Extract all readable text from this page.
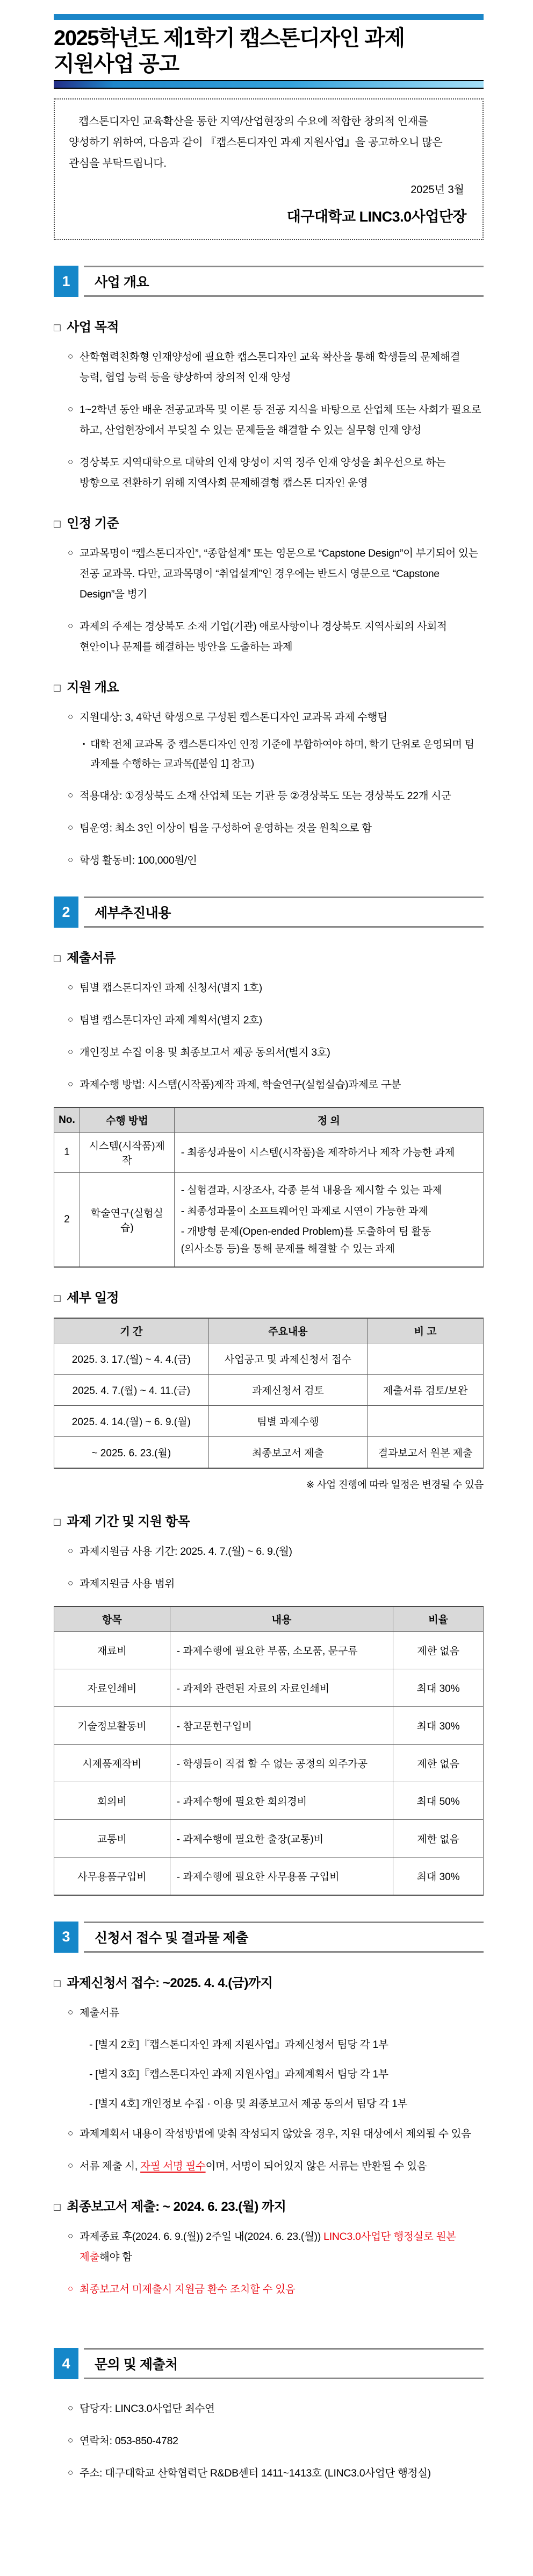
2025학년도 제1학기 캡스톤디자인 과제 지원사업 공고

캡스톤디자인 교육확산을 통한 지역/산업현장의 수요에 적합한 창의적 인재를 양성하기 위하여, 다음과 같이 『캡스톤디자인 과제 지원사업』을 공고하오니 많은 관심을 부탁드립니다.

2025년 3월
대구대학교 LINC3.0사업단장
1	사업 개요
□ 사업 목적
○ 산학협력친화형 인재양성에 필요한 캡스톤디자인 교육 확산을 통해 학생들의 문제해결 능력, 협업 능력 등을 향상하여 창의적 인재 양성
○ 1~2학년 동안 배운 전공교과목 및 이론 등 전공 지식을 바탕으로 산업체 또는 사회가 필요로 하고, 산업현장에서 부딪칠 수 있는 문제들을 해결할 수 있는 실무형 인재 양성
○ 경상북도 지역대학으로 대학의 인재 양성이 지역 정주 인재 양성을 최우선으로 하는 방향으로 전환하기 위해 지역사회 문제해결형 캡스톤 디자인 운영
□ 인정 기준
○ 교과목명이 “캡스톤디자인”, “종합설계” 또는 영문으로 “Capstone Design”이 부기되어 있는 전공 교과목. 다만, 교과목명이 “취업설계”인 경우에는 반드시 영문으로 “Capstone Design”을 병기
○ 과제의 주제는 경상북도 소재 기업(기관) 애로사항이나 경상북도 지역사회의 사회적 현안이나 문제를 해결하는 방안을 도출하는 과제
□ 지원 개요
○ 지원대상: 3, 4학년 학생으로 구성된 캡스톤디자인 교과목 과제 수행팀
▪ 대학 전체 교과목 중 캡스톤디자인 인정 기준에 부합하여야 하며, 학기 단위로 운영되며 팀 과제를 수행하는 교과목([붙임 1] 참고)
○ 적용대상: ①경상북도 소재 산업체 또는 기관 등 ②경상북도 또는 경상북도 22개 시군
○ 팀운영: 최소 3인 이상이 팀을 구성하여 운영하는 것을 원칙으로 함
○ 학생 활동비: 100,000원/인
2	세부추진내용
□ 제출서류
○ 팀별 캡스톤디자인 과제 신청서(별지 1호)
○ 팀별 캡스톤디자인 과제 계획서(별지 2호)
○ 개인정보 수집 이용 및 최종보고서 제공 동의서(별지 3호)
○ 과제수행 방법: 시스템(시작품)제작 과제, 학술연구(실험실습)과제로 구분
No.	수행 방법	정 의
1	시스템(시작품)제작	- 최종성과물이 시스템(시작품)을 제작하거나 제작 가능한 과제

2	학술연구(실험실습)	- 실험결과, 시장조사, 각종 분석 내용을 제시할 수 있는 과제
- 최종성과물이 소프트웨어인 과제로 시연이 가능한 과제
- 개방형 문제(Open-ended Problem)를 도출하여 팀 활동 (의사소통 등)을 통해 문제를 해결할 수 있는 과제
□ 세부 일정
기 간	주요내용	비 고
2025. 3. 17.(월) ~ 4. 4.(금)	사업공고 및 과제신청서 접수	
2025. 4. 7.(월) ~ 4. 11.(금)	과제신청서 검토	제출서류 검토/보완
2025. 4. 14.(월) ~ 6. 9.(월)	팀별 과제수행	
~ 2025. 6. 23.(월)	최종보고서 제출	결과보고서 원본 제출
※ 사업 진행에 따라 일정은 변경될 수 있음
□ 과제 기간 및 지원 항목
○ 과제지원금 사용 기간: 2025. 4. 7.(월) ~ 6. 9.(월)
○ 과제지원금 사용 범위
항목	내용	비율
재료비	- 과제수행에 필요한 부품, 소모품, 문구류	제한 없음
자료인쇄비	- 과제와 관련된 자료의 자료인쇄비	최대 30%
기술정보활동비	- 참고문헌구입비	최대 30%
시제품제작비	- 학생들이 직접 할 수 없는 공정의 외주가공	제한 없음
회의비	- 과제수행에 필요한 회의경비	최대 50%
교통비	- 과제수행에 필요한 출장(교통)비	제한 없음
사무용품구입비	- 과제수행에 필요한 사무용품 구입비	최대 30%
3	신청서 접수 및 결과물 제출
□ 과제신청서 접수: ~2025. 4. 4.(금)까지
○ 제출서류
- [별지 2호]『캡스톤디자인 과제 지원사업』과제신청서 팀당 각 1부
- [별지 3호]『캡스톤디자인 과제 지원사업』과제계획서 팀당 각 1부
- [별지 4호] 개인정보 수집 · 이용 및 최종보고서 제공 동의서 팀당 각 1부
○ 과제계획서 내용이 작성방법에 맞춰 작성되지 않았을 경우, 지원 대상에서 제외될 수 있음
○ 서류 제출 시, 자필 서명 필수이며, 서명이 되어있지 않은 서류는 반환될 수 있음
□ 최종보고서 제출: ~ 2024. 6. 23.(월) 까지
○ 과제종료 후(2024. 6. 9.(월)) 2주일 내(2024. 6. 23.(월)) LINC3.0사업단 행정실로 원본 제출해야 함
○ 최종보고서 미제출시 지원금 환수 조치할 수 있음
4	문의 및 제출처
○ 담당자: LINC3.0사업단 최수연
○ 연락처: 053-850-4782
○ 주소: 대구대학교 산학협력단 R&DB센터 1411~1413호 (LINC3.0사업단 행정실)
